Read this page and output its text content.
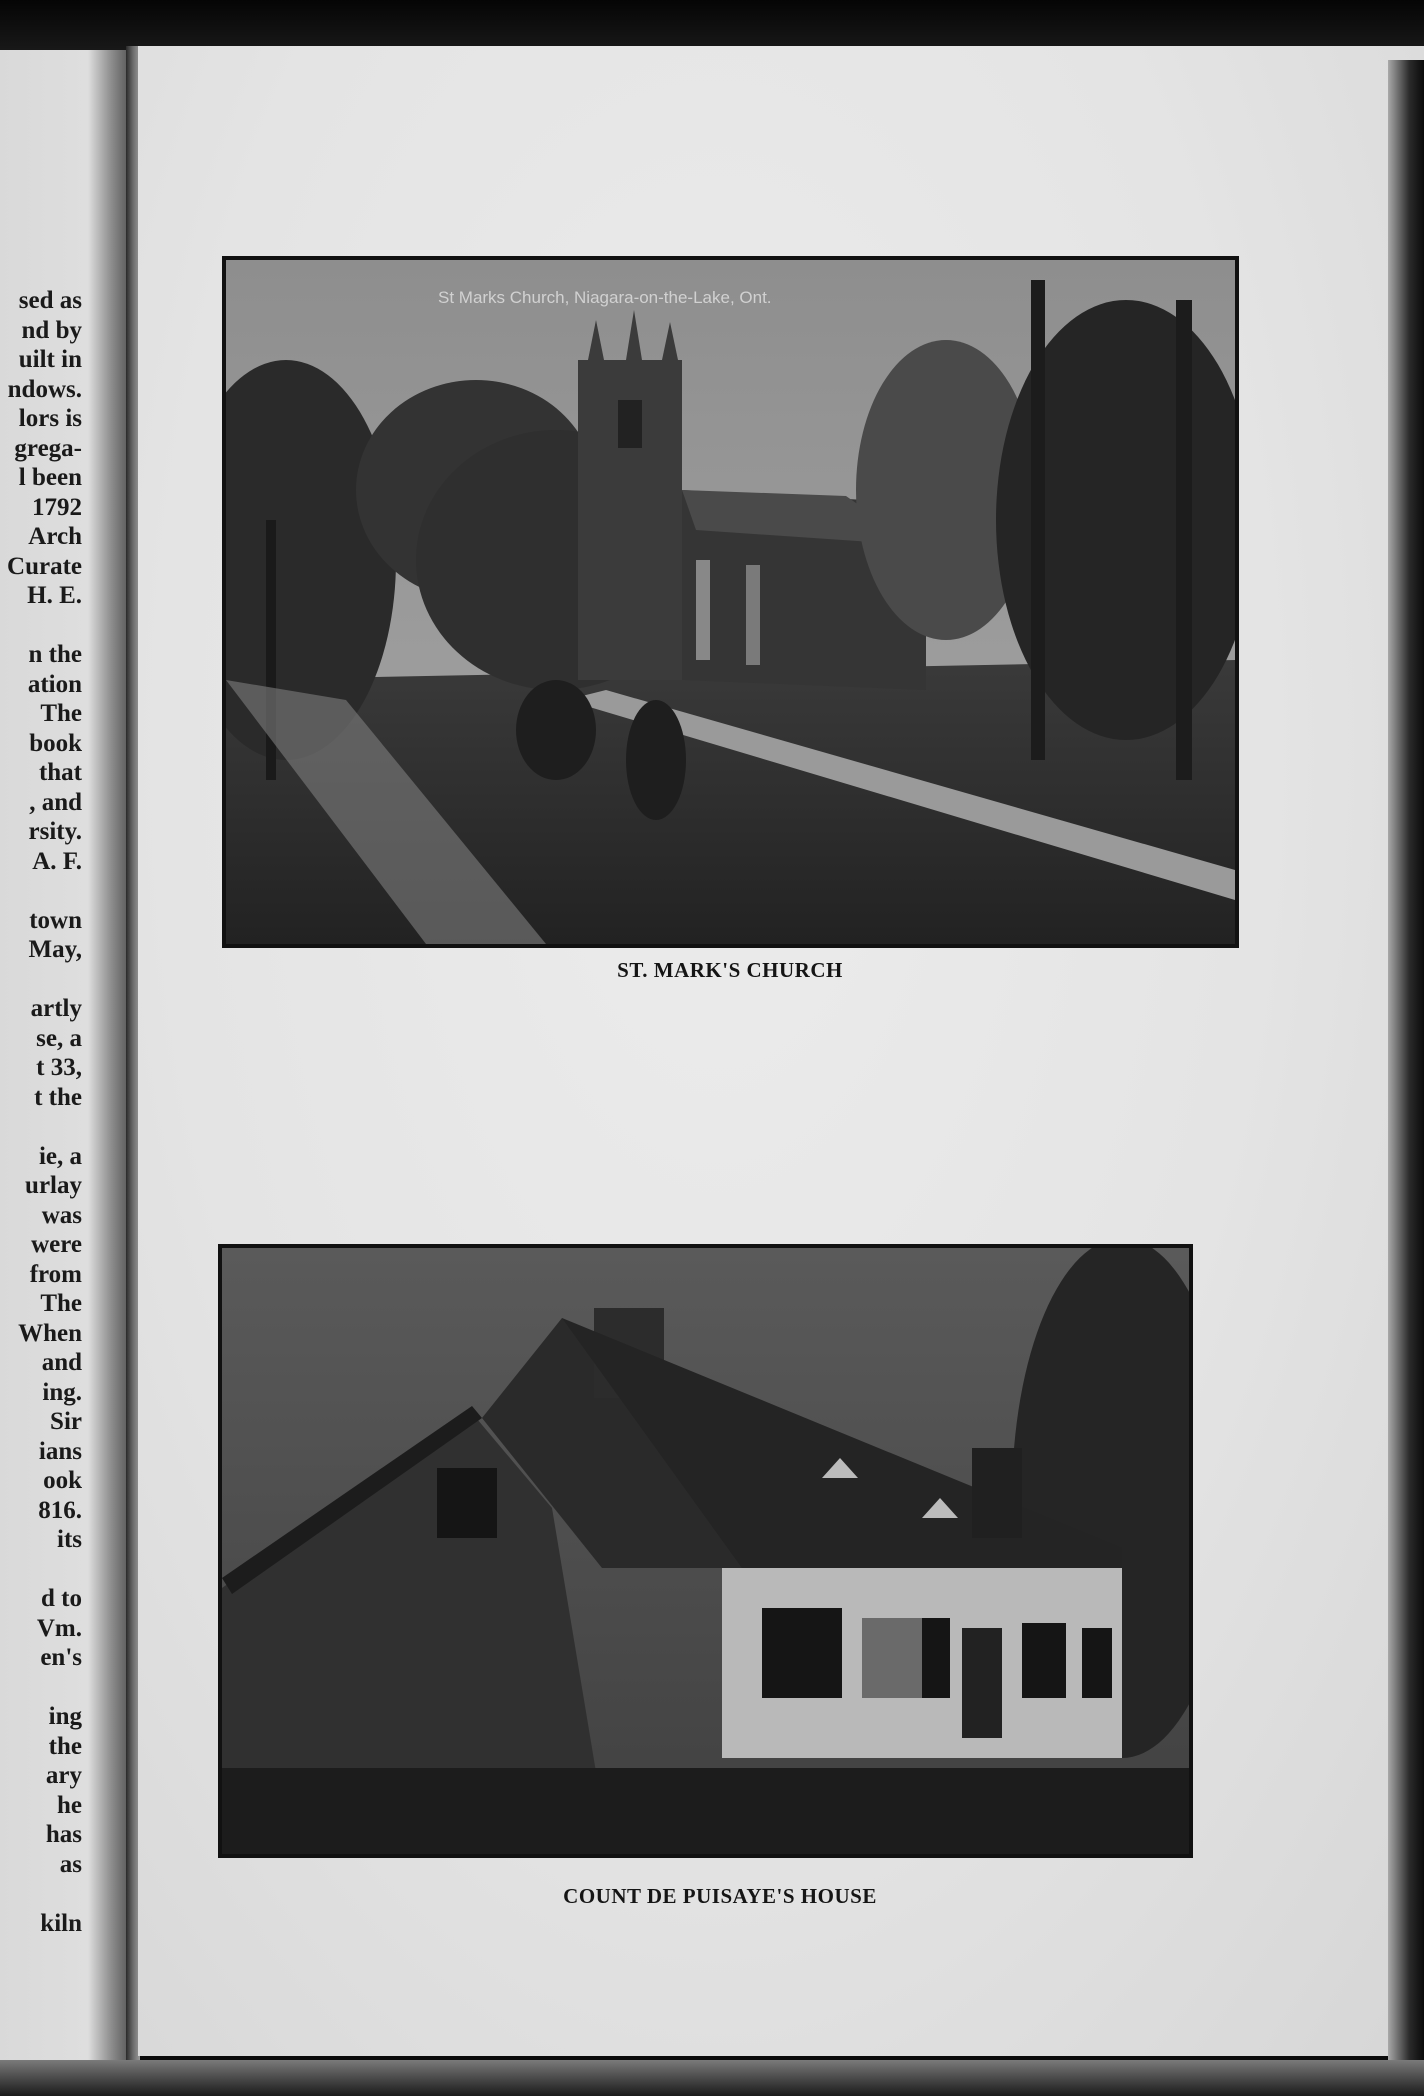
sed as
nd by
uilt in
ndows.
lors is
grega-
l been
1792
Arch
Curate
H. E.

n the
ation
The
book
that
, and
rsity.
A. F.

town
May,

artly
se, a
t 33,
t the

ie, a
urlay
was
were
from
The
When
and
ing.
Sir
ians
ook
816.
its

d to
Vm.
en's

ing
the
ary
he
has
as

kiln
St Marks Church, Niagara-on-the-Lake, Ont.
ST. MARK'S CHURCH
COUNT DE PUISAYE'S HOUSE
